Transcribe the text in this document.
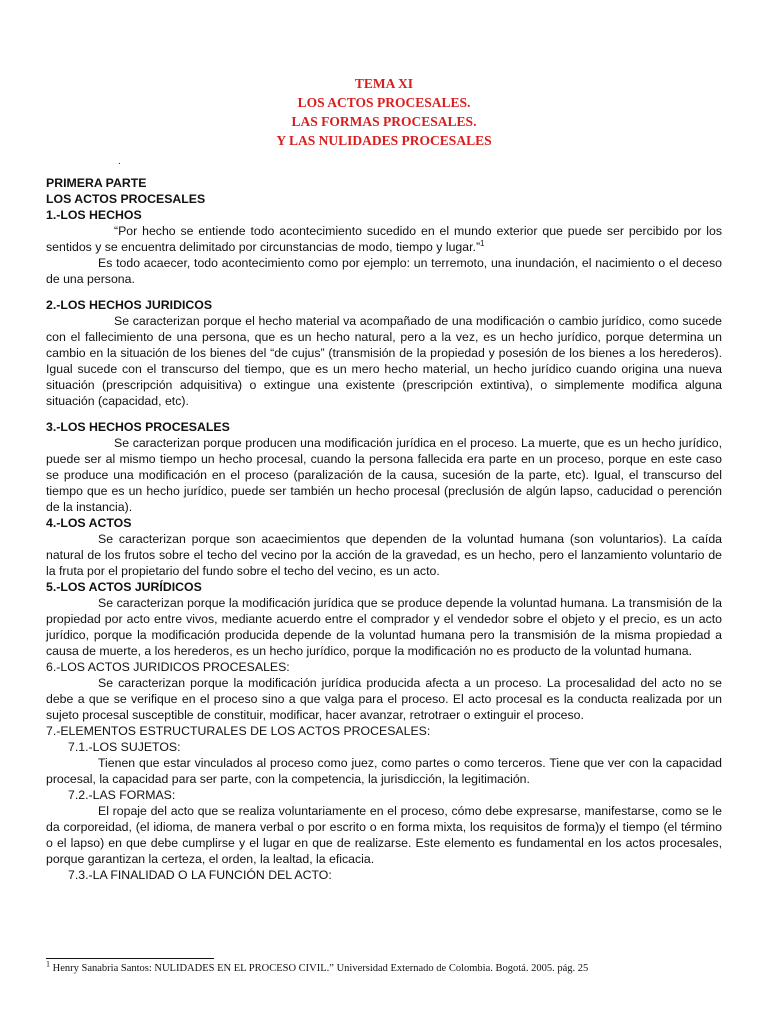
TEMA XI
LOS ACTOS PROCESALES.
LAS FORMAS PROCESALES.
Y LAS NULIDADES PROCESALES
.
PRIMERA PARTE
LOS ACTOS PROCESALES
1.-LOS HECHOS
“Por hecho se entiende todo acontecimiento sucedido en el mundo exterior que puede ser percibido por los sentidos y se encuentra delimitado por circunstancias de modo, tiempo y lugar.”$^1$
Es todo acaecer, todo acontecimiento como por ejemplo: un terremoto, una inundación, el nacimiento o el deceso de una persona.
2.-LOS HECHOS JURIDICOS
Se caracterizan porque el hecho material va acompañado de una modificación o cambio jurídico, como sucede con el fallecimiento de una persona, que es un hecho natural, pero a la vez, es un hecho jurídico, porque determina un cambio en la situación de los bienes del “de cujus” (transmisión de la propiedad y posesión de los bienes a los herederos). Igual sucede con el transcurso del tiempo, que es un mero hecho material, un hecho jurídico cuando origina una nueva situación (prescripción adquisitiva) o extingue una existente (prescripción extintiva), o simplemente modifica alguna situación (capacidad, etc).
3.-LOS HECHOS PROCESALES
Se caracterizan porque producen una modificación jurídica en el proceso. La muerte, que es un hecho jurídico, puede ser al mismo tiempo un hecho procesal, cuando la persona fallecida era parte en un proceso, porque en este caso se produce una modificación en el proceso (paralización de la causa, sucesión de la parte, etc). Igual, el transcurso del tiempo que es un hecho jurídico, puede ser también un hecho procesal (preclusión de algún lapso, caducidad o perención de la instancia).
4.-LOS ACTOS
Se caracterizan porque son acaecimientos que dependen de la voluntad humana (son voluntarios). La caída natural de los frutos sobre el techo del vecino por la acción de la gravedad, es un hecho, pero el lanzamiento voluntario de la fruta por el propietario del fundo sobre el techo del vecino, es un acto.
5.-LOS ACTOS JURÍDICOS
Se caracterizan porque la modificación jurídica que se produce depende la voluntad humana. La transmisión de la propiedad por acto entre vivos, mediante acuerdo entre el comprador y el vendedor sobre el objeto y el precio, es un acto jurídico, porque la modificación producida depende de la voluntad humana pero la transmisión de la misma propiedad a causa de muerte, a los herederos, es un hecho jurídico, porque la modificación no es producto de la voluntad humana.
6.-LOS ACTOS JURIDICOS PROCESALES:
Se caracterizan porque la modificación jurídica producida afecta a un proceso. La procesalidad del acto no se debe a que se verifique en el proceso sino a que valga para el proceso. El acto procesal es la conducta realizada por un sujeto procesal susceptible de constituir, modificar, hacer avanzar, retrotraer o extinguir el proceso.
7.-ELEMENTOS ESTRUCTURALES DE LOS ACTOS PROCESALES:
7.1.-LOS SUJETOS:
Tienen que estar vinculados al proceso como juez, como partes o como terceros. Tiene que ver con la capacidad procesal, la capacidad para ser parte, con la competencia, la jurisdicción, la legitimación.
7.2.-LAS FORMAS:
El ropaje del acto que se realiza voluntariamente en el proceso, cómo debe expresarse, manifestarse, como se le da corporeidad, (el idioma, de manera verbal o por escrito o en forma mixta, los requisitos de forma)y el tiempo (el término o el lapso) en que debe cumplirse y el lugar en que de realizarse. Este elemento es fundamental en los actos procesales, porque garantizan la certeza, el orden, la lealtad, la eficacia.
7.3.-LA FINALIDAD O LA FUNCIÓN DEL ACTO:
$^1$ Henry Sanabria Santos: NULIDADES EN EL PROCESO CIVIL.” Universidad Externado de Colombia. Bogotá. 2005. pág. 25
